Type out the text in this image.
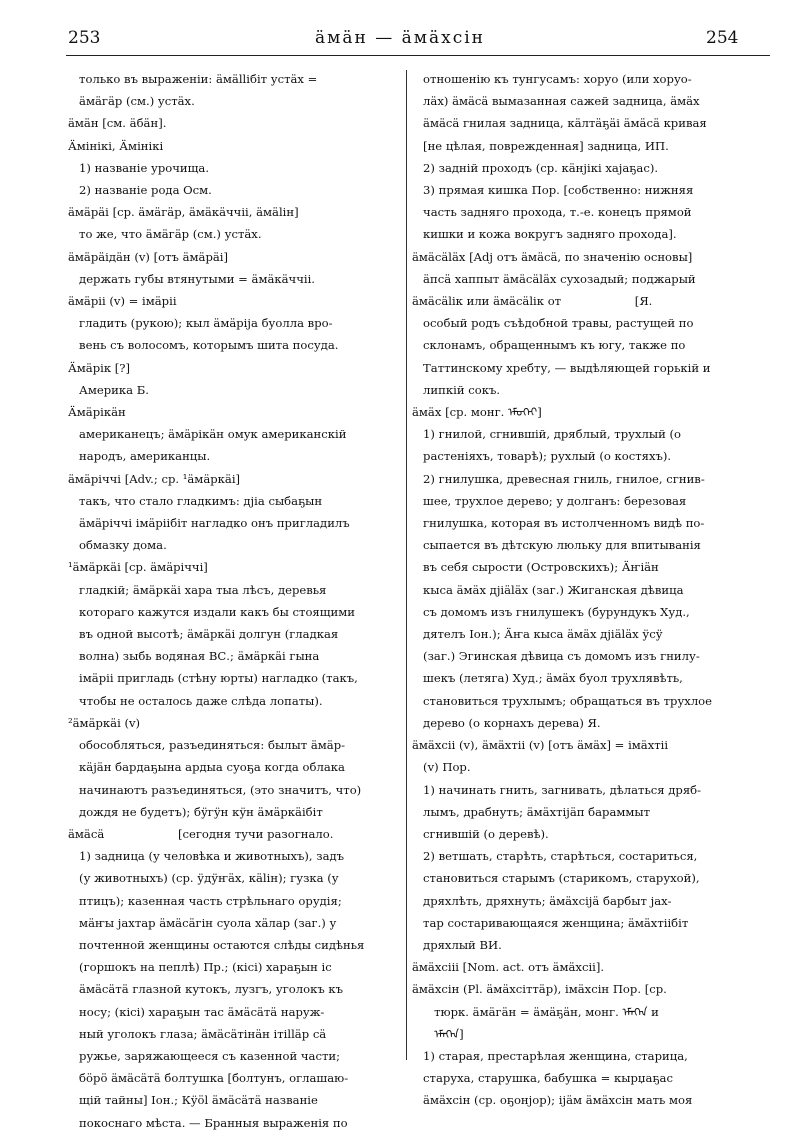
253	ӓмӓн — ӓмӓхсін	254

только въ выраженіи: ӓмӓllібіт устӓх =

ӓмӓгӓр (см.) устӓх.

ӓмӓн [см. ӓбӓн].

Ӓмінікі, Ӓмінікі

1) названіе урочища.

2) названіе рода Осм.

ӓмӓрӓі [ср. ӓмӓгӓр, ӓмӓкӓччіі, ӓмӓlін]

то же, что ӓмӓгӓр (см.) устӓх.

ӓмӓрӓідӓн (v) [отъ ӓмӓрӓі]

держать губы втянутыми = ӓмӓкӓччіі.

ӓмӓріі (v) = імӓріі

гладить (рукою); кыл ӓмӓріја буолла вро-

вень съ волосомъ, которымъ шита посуда.

Ӓмӓрік [?]

Америка Б.

Ӓмӓрікӓн

американецъ; ӓмӓрікӓн омук американскій

народъ, американцы.

ӓмӓріччі [Adv.; ср. ¹ӓмӓркӓі]

такъ, что стало гладкимъ: дјіа сыбаҕын

ӓмӓріччі імӓріібіт нагладко онъ пригладилъ

обмазку дома.

¹ӓмӓркӓі [ср. ӓмӓріччі]

гладкій; ӓмӓркӓі хара тыа лѣсъ, деревья

котораго кажутся издали какъ бы стоящими

въ одной высотѣ; ӓмӓркӓі долгун (гладкая

волна) зыбь водяная ВС.; ӓмӓркӓі гына

імӓріі пригладь (стѣну юрты) нагладко (такъ,

чтобы не осталось даже слѣда лопаты).

²ӓмӓркӓі (v)

обособляться, разъединяться: былыт ӓмӓр-

кӓјӓн бардаҕына ардыа суоҕа когда облака

начинаютъ разъединяться, (это значитъ, что)

дождя не будетъ); бӱгӱн кӱн ӓмӓркӓібіт

ӓмӓсӓ                    [сегодня тучи разогнало.

1) задница (у человѣка и животныхъ), задъ

(у животныхъ) (ср. ӱдӱҥӓх, кӓlін); гузка (у

птицъ); казенная часть стрѣльнаго орудія;

мӓҥы јахтар ӓмӓсӓгін суола хӓлар (заг.) у

почтенной женщины остаются слѣды сидѣнья

(горшокъ на пеплѣ) Пр.; (кісі) хараҕын іс

ӓмӓсӓтӓ глазной кутокъ, лузгъ, уголокъ къ

носу; (кісі) хараҕын тас ӓмӓсӓтӓ наруж-

ный уголокъ глаза; ӓмӓсӓтінӓн ітіllӓр сӓ

ружье, заряжающееся съ казенной части;

бӧрӧ ӓмӓсӓтӓ болтушка [болтунъ, оглашаю-

щій тайны] Іон.; Кӱӧl ӓмӓсӓтӓ названіе

покоснаго мѣста. — Бранныя выраженія по

отношенію къ тунгусамъ: хоруо (или хоруо-

лӓх) ӓмӓсӓ вымазанная сажей задница, ӓмӓх

ӓмӓсӓ гнилая задница, кӓлтӓҕӓі ӓмӓсӓ кривая

[не цѣлая, поврежденная] задница, ИП.

2) задній проходъ (ср. кӓнјікі хајаҕас).

3) прямая кишка Пор. [собственно: нижняя

часть задняго прохода, т.-е. конецъ прямой

кишки и кожа вокругъ задняго прохода].

ӓмӓсӓlӓх [Adj отъ ӓмӓсӓ, по значенію основы]

ӓпсӓ хаппыт ӓмӓсӓlӓх сухозадый; поджарый

ӓмӓсӓlік или ӓмӓсӓlік от                    [Я.

особый родъ съѣдобной травы, растущей по

склонамъ, обращеннымъ къ югу, также по

Таттинскому хребту, — выдѣляющей горькій и

липкій сокъ.

ӓмӓх [ср. монг. ᠡᠮᠦᠭᠡᠢ]

1) гнилой, сгнившій, дряблый, трухлый (о

растеніяхъ, товарѣ); рухлый (о костяхъ).

2) гнилушка, древесная гниль, гнилое, сгнив-

шее, трухлое дерево; у долганъ: березовая

гнилушка, которая въ истолченномъ видѣ по-

сыпается въ дѣтскую люльку для впитыванія

въ себя сырости (Островскихъ); Ӓҥіӓн

кыса ӓмӓх дјіӓlӓх (заг.) Жиганская дѣвица

съ домомъ изъ гнилушекъ (бурундукъ Худ.,

дятелъ Іон.); Ӓҥа кыса ӓмӓх дјіӓlӓх ӱсӱ

(заг.) Эгинская дѣвица съ домомъ изъ гнилу-

шекъ (летяга) Худ.; ӓмӓх буол трухлявѣть,

становиться трухлымъ; обращаться въ трухлое

дерево (о корнахъ дерева) Я.

ӓмӓхсіі (v), ӓмӓхтіі (v) [отъ ӓмӓх] = імӓхтіі

(v) Пор.

1) начинать гнить, загнивать, дѣлаться дряб-

лымъ, драбнуть; ӓмӓхтіјӓп бараммыт

сгнившій (о деревѣ).

2) ветшать, старѣть, старѣться, состариться,

становиться старымъ (старикомъ, старухой),

дряхлѣть, дряхнуть; ӓмӓхсіјӓ барбыт јах-

тар состаривающаяся женщина; ӓмӓхтіібіт

дряхлый ВИ.

ӓмӓхсііі [Nom. act. отъ ӓмӓхсіі].

ӓмӓхсін (Pl. ӓмӓхсіттӓр), імӓхсін Пор. [ср.

тюрк. ӓмӓгӓн = ӓмӓҕӓн, монг. ᠡᠮᠡᠭᠡᠨ и

ᠡᠮᠡᠭᠡᠨ]

1) старая, престарѣлая женщина, старица,

старуха, старушка, бабушка = кырџаҕас

ӓмӓхсін (ср. оҕонјор); іјӓм ӓмӓхсін мать моя
